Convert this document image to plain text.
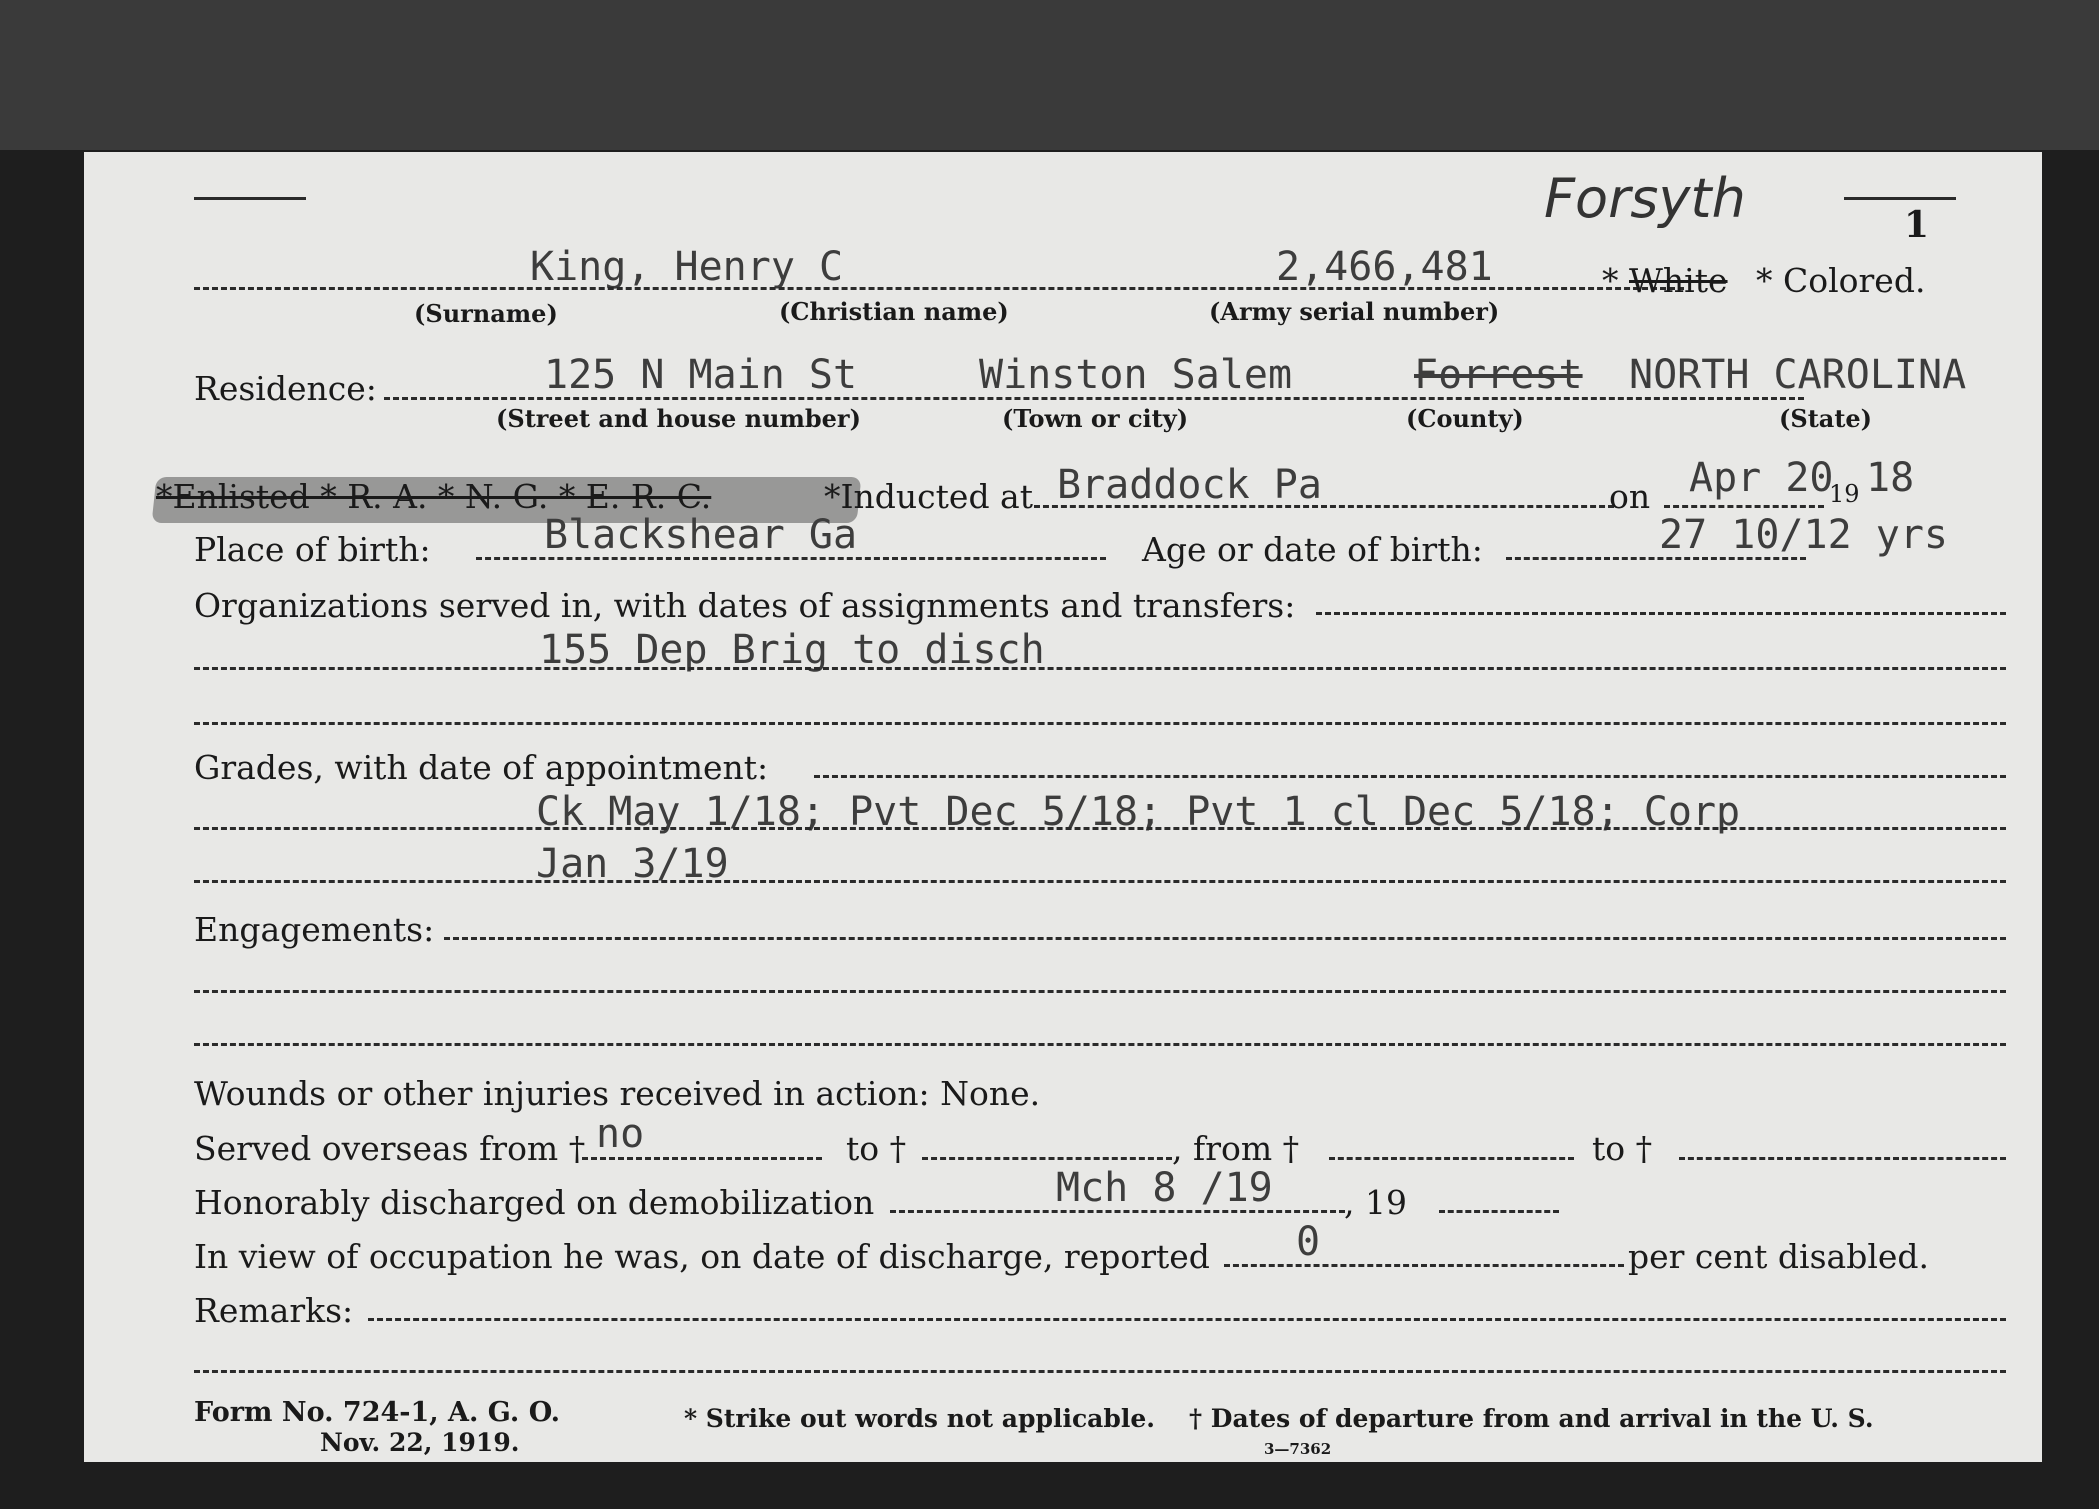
Forsyth	1
King, Henry C	2,466,481	* White * Colored.
(Surname)	(Christian name)	(Army serial number)
Residence:	125 N Main St	Winston Salem	Forrest NORTH CAROLINA
(Street and house number)	(Town or city)	(County)	(State)
*Enlisted * R. A. * N. G. * E. R. C.	*Inducted at Braddock Pa	on Apr 20
19 18
Place of birth:	Blackshear Ga	Age or date of birth:	27 10/12 yrs
Organizations served in, with dates of assignments and transfers:
155 Dep Brig to disch
Grades, with date of appointment:
Ck May 1/18; Pvt Dec 5/18; Pvt 1 cl Dec 5/18; Corp
Jan 3/19
Engagements:
Wounds or other injuries received in action: None.
Served overseas from † no	to †	, from †	to †
Honorably discharged on demobilization	Mch 8 /19 , 19
In view of occupation he was, on date of discharge, reported 0	per cent disabled.
Remarks:
Form No. 724-1, A. G. O.
Nov. 22, 1919.
* Strike out words not applicable. † Dates of departure from and arrival in the U. S.
3—7362
